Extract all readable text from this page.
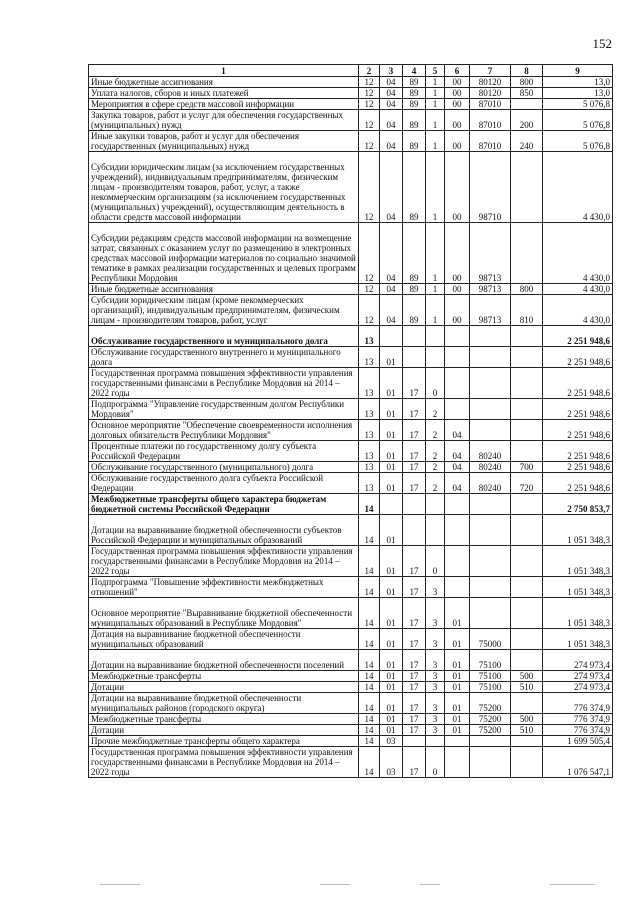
152
1	2	3	4	5	6	7	8	9
Иные бюджетные ассигнования	12	04	89	1	00	80120	800	13,0
Уплата налогов, сборов и иных платежей	12	04	89	1	00	80120	850	13,0
Мероприятия в сфере средств массовой информации	12	04	89	1	00	87010		5 076,8
Закупка товаров, работ и услуг для обеспечения государственных (муниципальных) нужд	12	04	89	1	00	87010	200	5 076,8
Иные закупки товаров, работ и услуг для обеспечения государственных (муниципальных) нужд	12	04	89	1	00	87010	240	5 076,8
Субсидии юридическим лицам (за исключением государственных учреждений), индивидуальным предпринимателям, физическим лицам - производителям товаров, работ, услуг, а также некоммерческим организациям (за исключением государственных (муниципальных) учреждений), осуществляющим деятельность в области средств массовой информации	12	04	89	1	00	98710		4 430,0
Субсидии редакциям средств массовой информации на возмещение затрат, связанных с оказанием услуг по размещению в электронных средствах массовой информации материалов по социально значимой тематике в рамках реализации государственных и целевых программ Республики Мордовия	12	04	89	1	00	98713		4 430,0
Иные бюджетные ассигнования	12	04	89	1	00	98713	800	4 430,0
Субсидии юридическим лицам (кроме некоммерческих организаций), индивидуальным предпринимателям, физическим лицам - производителям товаров, работ, услуг	12	04	89	1	00	98713	810	4 430,0
Обслуживание государственного и муниципального долга	13							2 251 948,6
Обслуживание государственного внутреннего и муниципального долга	13	01						2 251 948,6
Государственная программа повышения эффективности управления государственными финансами в Республике Мордовия на 2014 – 2022 годы	13	01	17	0				2 251 948,6
Подпрограмма "Управление государственным долгом Республики Мордовия"	13	01	17	2				2 251 948,6
Основное мероприятие "Обеспечение своевременности исполнения долговых обязательств Республики Мордовия"	13	01	17	2	04			2 251 948,6
Процентные платежи по государственному долгу субъекта Российской Федерации	13	01	17	2	04	80240		2 251 948,6
Обслуживание государственного (муниципального) долга	13	01	17	2	04	80240	700	2 251 948,6
Обслуживание государственного долга субъекта Российской Федерации	13	01	17	2	04	80240	720	2 251 948,6
Межбюджетные трансферты общего характера бюджетам бюджетной системы Российской Федерации	14							2 750 853,7
Дотации на выравнивание бюджетной обеспеченности субъектов Российской Федерации и муниципальных образований	14	01						1 051 348,3
Государственная программа повышения эффективности управления государственными финансами в Республике Мордовия на 2014 – 2022 годы	14	01	17	0				1 051 348,3
Подпрограмма "Повышение эффективности межбюджетных отношений"	14	01	17	3				1 051 348,3
Основное мероприятие "Выравнивание бюджетной обеспеченности муниципальных образований в Республике Мордовия"	14	01	17	3	01			1 051 348,3
Дотация на выравнивание бюджетной обеспеченности муниципальных образований	14	01	17	3	01	75000		1 051 348,3
Дотации на выравнивание бюджетной обеспеченности поселений	14	01	17	3	01	75100		274 973,4
Межбюджетные трансферты	14	01	17	3	01	75100	500	274 973,4
Дотации	14	01	17	3	01	75100	510	274 973,4
Дотации на выравнивание бюджетной обеспеченности муниципальных районов (городского округа)	14	01	17	3	01	75200		776 374,9
Межбюджетные трансферты	14	01	17	3	01	75200	500	776 374,9
Дотации	14	01	17	3	01	75200	510	776 374,9
Прочие межбюджетные трансферты общего характера	14	03						1 699 505,4
Государственная программа повышения эффективности управления государственными финансами в Республике Мордовия на 2014 – 2022 годы	14	03	17	0				1 076 547,1
